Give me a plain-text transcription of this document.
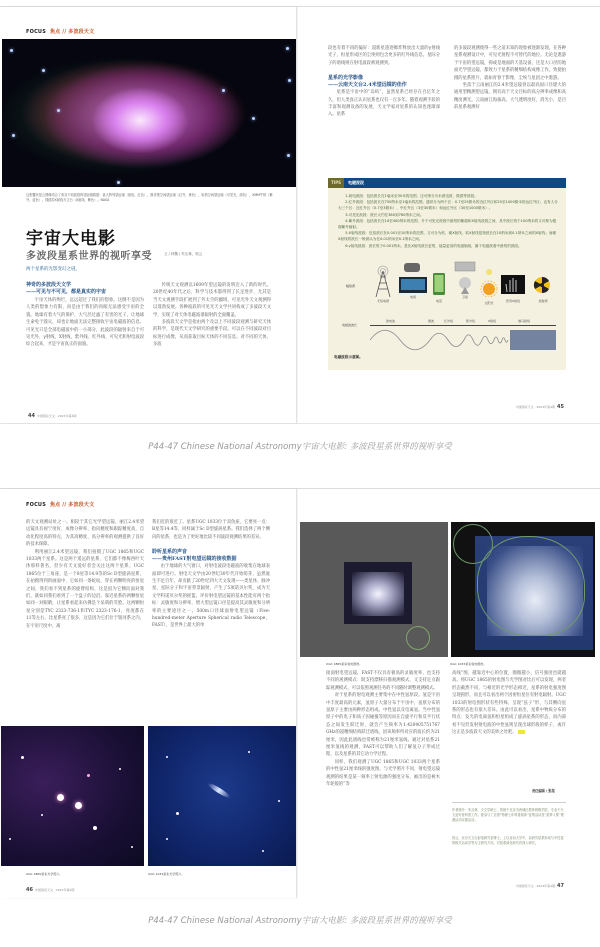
FOCUS 焦点 // 多波段天文
这张蟹状星云图像结合了来自不同波段的望远镜数据：甚大阵列望远镜（射电，红色），斯皮策空间望远镜（红外，黄色），哈勃空间望远镜（可见光，绿色），XMM牛顿（紫外，蓝色），钱德拉X射线天文台（X射线，紫色）。NASA
宇宙大电影
多波段星系世界的视听享受	文 / 钟魏 / 朱丛林、郭云
两个星系的光影变幻之谜。
神奇的多波段天文学
——可见与不可见，都是真实的宇宙

宇宙天体的绚烂，远远超过了我们的想象。这倒不是因为人类的想象力有限，而是由于我们的肉眼无法感受宇宙的全貌。地球有着大气的保护，大气层过滤了有害的光子，让地球生命免于毁灭，却也让地面无法完整接收宇宙电磁波的信息。可见光只是全部电磁波中的一小部分，此波段的辐射来自于可见光外，γ射线、X射线、紫外线、红外线、可见光和射电波段综合起来，才是宇宙真正的面貌。

传统天文观测以1609年望远镜的发明迈入了新的时代。20世纪40年代之后，科学与技术都得到了长足进步，尤其是当天文观测手段扩展到了外太空的疆域，可见光外天文观测得以蓬勃发展。各种波段的可见光天文学共同构成了多波段天文学，实现了对天体电磁波谱辐射的全面覆盖。

多波段天文学是指由两个及以上不同波段观测与研究天体的科学，是现代天文学研究的重要手段。可以在不同波段对目标进行成像，从而获取目标天体的不同信息。对不同的天体，多波

44 中国国家天文 · 2023年第4期

段也有着不同的偏好：超新星遗迹爆炸释放出大量的γ射线光子，恒星形成区的尘埃则包含更多的红外线信息，星际分子的谱线则在射电波段被观测到。

星系的光学影像
——云南天文台2.4米望远镜的佳作

星系是宇宙中的“岛屿”，虽然星系已经存在百亿年之久，但人类真正认识星系也仅有一百多年。随着观测手段的丰富和观测设备的发展，天文学家对星系的认知也逐渐深入。星系

的多波段观测使得一些之前未知的现象被逐渐发现。在各种星系观测设计中，可见光射程不可替代的地位。无论是遨游于宇宙的望远镜，抑或是地面的天基设备，还是大口径的地面光学望远镜，都致力于星系的精细结构成像工作。致使拍摄的星系照片，就如青春于影像，尘埃与星团之中遨游。

坐落于云南丽江的2.4米望远镜曾以最高固口径建大的通用型精测望远镜，拥有高于天文目标的高分辨率成像和高精度测光。云南丽江海拔高，大气透明度好，消光小，是目前星系观测好

TIPS	电磁波段

1.射电波段：包括波长在1毫米至30米的范围，还可细分为米波电波、微波等波段。

2.红外波段：包括波长在750纳米至1毫米的范围。通常分为两个区：0.7至25微米的近红外区和25至1000微米的远红外区；也有人分为三个区：近红外区（0.7至3微米）、中红外区（3至30微米）和远红外区（30至1000微米）。

3.可见光波段：波长大约在380到760纳米之间。

4.紫外波段：包括波长在10至400纳米的范围，介于可见光波段中最短的紫端和X射线波段之间，其中波长短于100纳米的又可称为极端紫外辐射。

5.X射线波段：包括波长在0.001至10纳米的范围，又可分为软、硬X射线，软X射线是指波长在10纳米到0.1纳米之间的X射线；而硬X射线的波长一般被认为在0.01纳米至0.1纳米之间。

6.γ射线波段：波长短于0.001纳米，是比X射线波长更短、能量更高的电磁辐射，属于电磁波谱中最短的波段。

辐射源
电磁波波长
无线电塔
电视
电话
卫星
太阳光	医用X射线	放射源
射电波	微波	红外线	紫外线	X射线	伽马射线
电磁波段示意图。
中国国家天文 · 2023年第4期 45
P44-47 Chinese National Astronomy宇宙大电影: 多波段星系世界的视听享受
FOCUS 焦点 // 多波段天文

的天文观测站址之一。相较于其它光学望远镜，丽江2.4米望远镜具有视宁度好、成像分辨率、指向精度和跟踪精度高，自动化程度高的特点，为其高精度、高分辨率的观测提供了良好的技术保障。

利用丽江2.4米望远镜，我们拍摄了UGC 1865和UGC 1033两个星系。这是两个遥远的星系，它们都不像梅西叶天体那样著名，但少有天文爱好者会关注这两个星系。UGC 1865位于三角座，是一个8星等14.9等的Sc D型旋涡星系，在拍摄得到的画面中，它如同一条蛇纹，穿在两颗明亮的恒星之间，我们看不到星系的旋臂结构，这是因为它侧向面对我们，就如同我们看到了一个盘子的边沿。靠近星系的两颗恒星如同一对眼睛，让星系看起来仿佛是个呆萌的笑脸。这两颗恒星分别是TYC 2323-736-1和TYC 2323-176-1，亮度都在11等左右，比星系亮了很多，这是因为它们位于银河系之内，在宇宙尺度中，离

我们近的很近了。星系UGC 1033位于双鱼座，它要亮一点：B星等14.4等，同样属于Sc D型旋涡星系。我们选择了两个侧向的星系，也是为了更好地比较不同波段观测结果的差异。

聆听星系的声音
——贵州FAST射电望远镜的接收数据

由于地球的大气窗口，对射电波段电磁波的收集在地球表面即可进行。射电天文学由20世纪30年代开始萌芽，虽然诞生不足百年，却贡献了20世纪四大天文发现——类星体、脉冲星、星际分子和宇宙背景辐射，产生了5项诺贝尔奖，成为天文学科诺贝尔奖的摇篮。评价射电望远镜的基本性能有两个指标：灵敏度和分辨率，增大望远镜口径是提高其灵敏度和分辨率的主要途径之一。500m口径球面射电望远镜（Five-hundred-meter Aperture Spherical radio Telescope，FAST），是世界上最大的单

UGC 1865星系光学照片。	UGC 1033星系光学照片。
46 中国国家天文 · 2023年第4期
UGC 1865星系射电图像。	UGC 1033星系射电图像。

接面射电望远镜，FAST不仅具有极高的灵敏度率，也支持不同的观测模式：既支持漂移扫描观测模式，又支持定点跟踪观测模式，可以依照观测任务的不同随时调整观测模式。

对于星系的射电观测主要集中在中性氢原段。氢是宇宙中丰度最高的元素，氢原子大量分布于宇宙中，氢原分布的氢原子主要由两种形态组成。中性氢以及电离氢。当中性氢原子中的电子和质子因碰撞等原因而在自旋平行和反平行状态之间发生跃迁时，就会产生频率为1.420405751767 GHz的超精细结构跃迁谱线，因该频率所对应的波长约为21厘米，因此此谱线也常被称为21厘米氢线。通过对星系21厘米氢线的观测，FAST可以帮助人们了解氢分子形成过程，以及星系的其它动力学过程。

同样，我们观测了UGC 1865和UGC 1033两个星系的中性氢21厘米线的强度图。与光学照片不同，射电望远镜观测的结果是某一频率上射电源的强度分布，画出的是树木年轮般的“等

高线”图，越靠近中心的位置，圈圈越小，信号强度也就越高。将UGC 1865的射电图与光学图对比后可以发现，两者形态截然不同，与相近的光学形态相近，星系的射电强度图呈现圆形，而且可以看出两个因密恒星位有射电辐射。UGC 1033的射电图形状有些特殊，呈现“弦子”形，与其侧向星系的形态也有很大差异。由此可以看出，星系中物质分布的特点：发光的电离氢和恒星组成了旋涡星系的形态，而内部看不见但发射射电波的中性氢则呈现出球形般的样子，或许这正是多波段天文的美妙之处吧。

责任编辑 / 张超
作者简介：朱丛林，天文学硕士，曾就于北京市西城区教育研修学院，专业于天文爱好者科普工作。曾参与了全国“物理七年科普阅读”征集活动及“星梦入冕”观测活动实施活动。
郭云，北京天文台射电研究室博士，上以目前大学中，以研究星系形成与中性氢的相关运动学等为主研究方向，对星系演化研究有深入研究。
中国国家天文 · 2023年第4期 47
P44-47 Chinese National Astronomy宇宙大电影: 多波段星系世界的视听享受
